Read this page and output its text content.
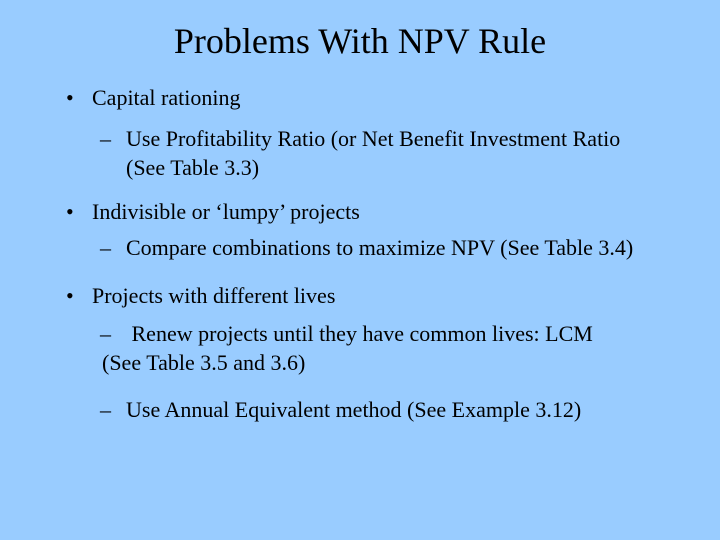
Problems With NPV Rule
• Capital rationing
– Use Profitability Ratio (or Net Benefit Investment Ratio
(See Table 3.3)
• Indivisible or ‘lumpy’ projects
– Compare combinations to maximize NPV (See Table 3.4)
• Projects with different lives
– Renew projects until they have common lives: LCM
(See Table 3.5 and 3.6)
– Use Annual Equivalent method (See Example 3.12)
